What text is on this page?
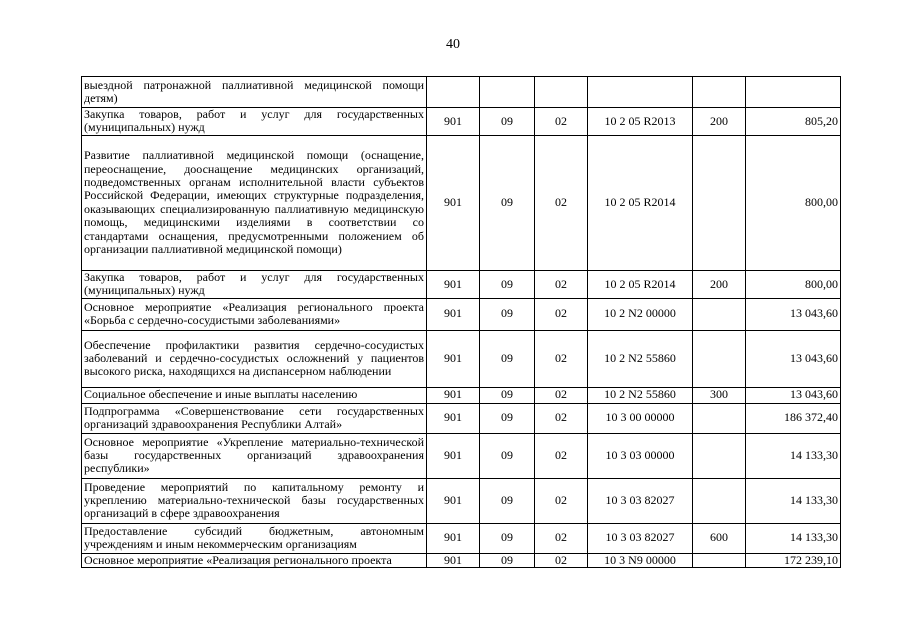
40
выездной патронажной паллиативной медицинской помощи детям)						
Закупка товаров, работ и услуг для государственных (муниципальных) нужд	901	09	02	10 2 05 R2013	200	805,20
Развитие паллиативной медицинской помощи (оснащение, переоснащение, дооснащение медицинских организаций, подведомственных органам исполнительной власти субъектов Российской Федерации, имеющих структурные подразделения, оказывающих специализированную паллиативную медицинскую помощь, медицинскими изделиями в соответствии со стандартами оснащения, предусмотренными положением об организации паллиативной медицинской помощи)	901	09	02	10 2 05 R2014		800,00
Закупка товаров, работ и услуг для государственных (муниципальных) нужд	901	09	02	10 2 05 R2014	200	800,00
Основное мероприятие «Реализация регионального проекта «Борьба с сердечно-сосудистыми заболеваниями»	901	09	02	10 2 N2 00000		13 043,60
Обеспечение профилактики развития сердечно-сосудистых заболеваний и сердечно-сосудистых осложнений у пациентов высокого риска, находящихся на диспансерном наблюдении	901	09	02	10 2 N2 55860		13 043,60
Социальное обеспечение и иные выплаты населению	901	09	02	10 2 N2 55860	300	13 043,60
Подпрограмма «Совершенствование сети государственных организаций здравоохранения Республики Алтай»	901	09	02	10 3 00 00000		186 372,40
Основное мероприятие «Укрепление материально-технической базы государственных организаций здравоохранения республики»	901	09	02	10 3 03 00000		14 133,30
Проведение мероприятий по капитальному ремонту и укреплению материально-технической базы государственных организаций в сфере здравоохранения	901	09	02	10 3 03 82027		14 133,30
Предоставление субсидий бюджетным, автономным учреждениям и иным некоммерческим организациям	901	09	02	10 3 03 82027	600	14 133,30
Основное мероприятие «Реализация регионального проекта	901	09	02	10 3 N9 00000		172 239,10
